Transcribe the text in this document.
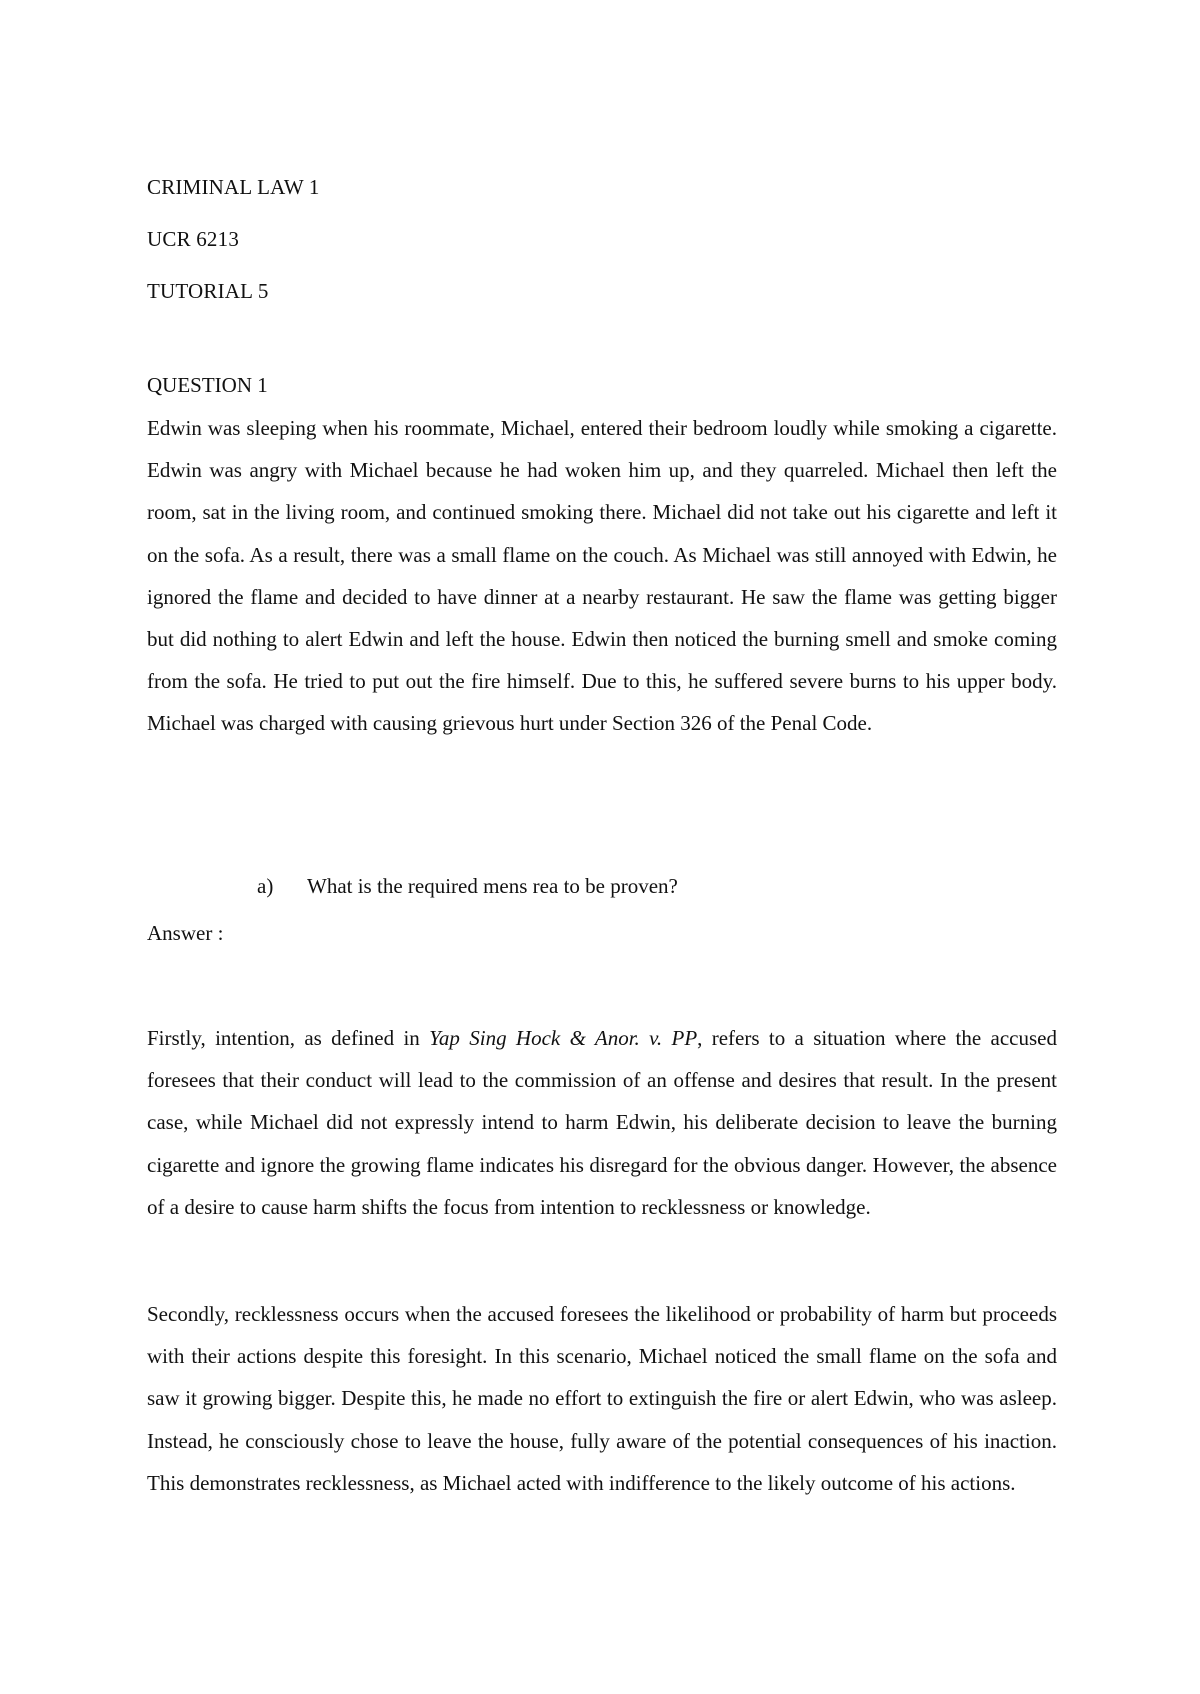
CRIMINAL LAW 1
UCR 6213
TUTORIAL 5
QUESTION 1
Edwin was sleeping when his roommate, Michael, entered their bedroom loudly while smoking a cigarette. Edwin was angry with Michael because he had woken him up, and they quarreled. Michael then left the room, sat in the living room, and continued smoking there. Michael did not take out his cigarette and left it on the sofa. As a result, there was a small flame on the couch. As Michael was still annoyed with Edwin, he ignored the flame and decided to have dinner at a nearby restaurant. He saw the flame was getting bigger but did nothing to alert Edwin and left the house. Edwin then noticed the burning smell and smoke coming from the sofa. He tried to put out the fire himself. Due to this, he suffered severe burns to his upper body. Michael was charged with causing grievous hurt under Section 326 of the Penal Code.
a) What is the required mens rea to be proven?
Answer :
Firstly, intention, as defined in Yap Sing Hock & Anor. v. PP, refers to a situation where the accused foresees that their conduct will lead to the commission of an offense and desires that result. In the present case, while Michael did not expressly intend to harm Edwin, his deliberate decision to leave the burning cigarette and ignore the growing flame indicates his disregard for the obvious danger. However, the absence of a desire to cause harm shifts the focus from intention to recklessness or knowledge.
Secondly, recklessness occurs when the accused foresees the likelihood or probability of harm but proceeds with their actions despite this foresight. In this scenario, Michael noticed the small flame on the sofa and saw it growing bigger. Despite this, he made no effort to extinguish the fire or alert Edwin, who was asleep. Instead, he consciously chose to leave the house, fully aware of the potential consequences of his inaction. This demonstrates recklessness, as Michael acted with indifference to the likely outcome of his actions.
